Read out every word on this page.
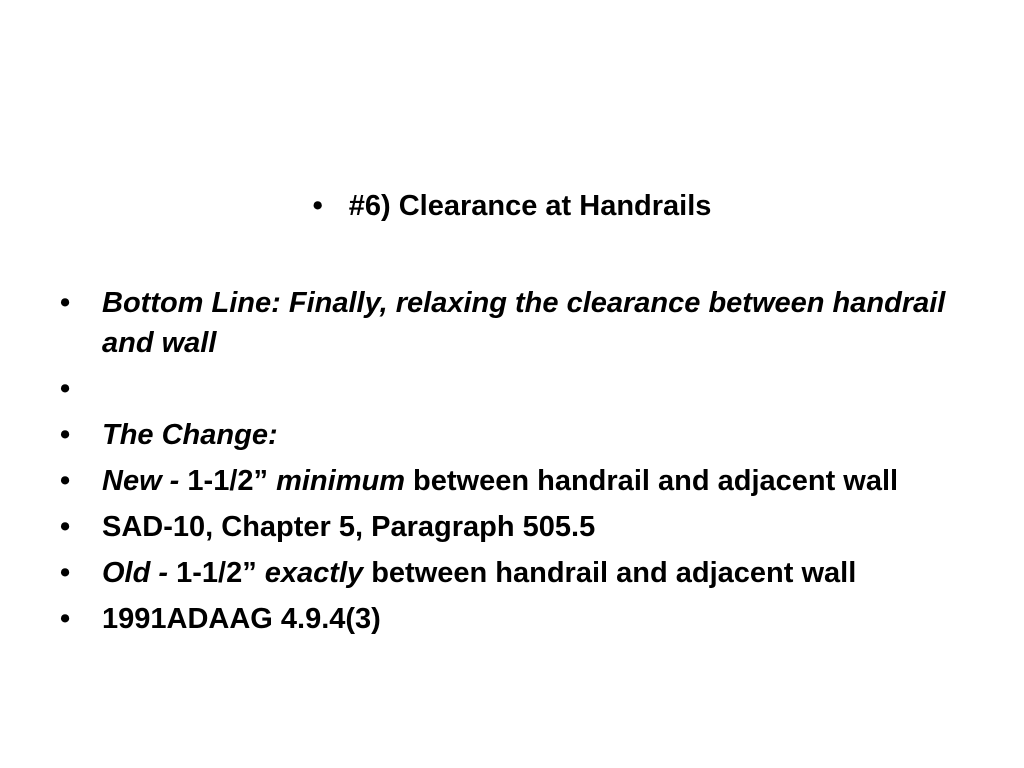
• #6) Clearance at Handrails
• Bottom Line: Finally, relaxing the clearance between handrail and wall
•
• The Change:
• New - 1-1/2” minimum between handrail and adjacent wall
• SAD-10, Chapter 5, Paragraph 505.5
• Old - 1-1/2” exactly between handrail and adjacent wall
• 1991ADAAG 4.9.4(3)
